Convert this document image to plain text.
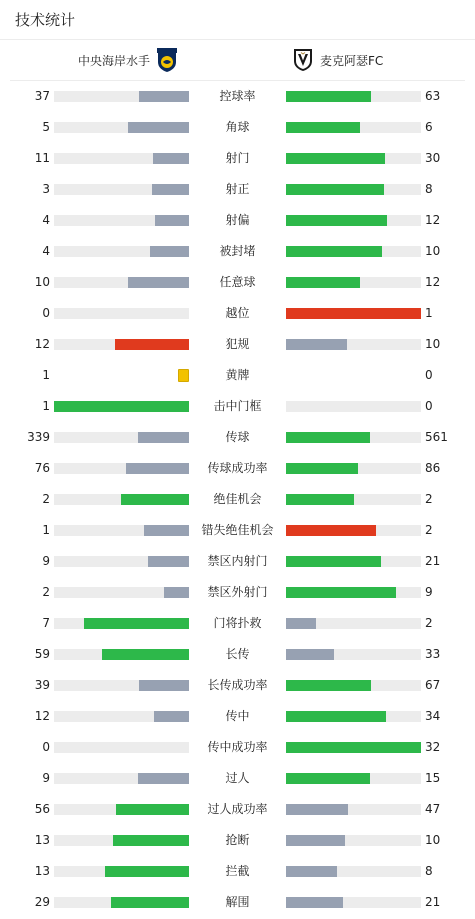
技术统计
中央海岸水手	麦克阿瑟FC
37	控球率	63
5	角球	6
11	射门	30
3	射正	8
4	射偏	12
4	被封堵	10
10	任意球	12
0	越位	1
12	犯规	10
1	黄牌	0
1	击中门框	0
339	传球	561
76	传球成功率	86
2	绝佳机会	2
1	错失绝佳机会	2
9	禁区内射门	21
2	禁区外射门	9
7	门将扑救	2
59	长传	33
39	长传成功率	67
12	传中	34
0	传中成功率	32
9	过人	15
56	过人成功率	47
13	抢断	10
13	拦截	8
29	解围	21
